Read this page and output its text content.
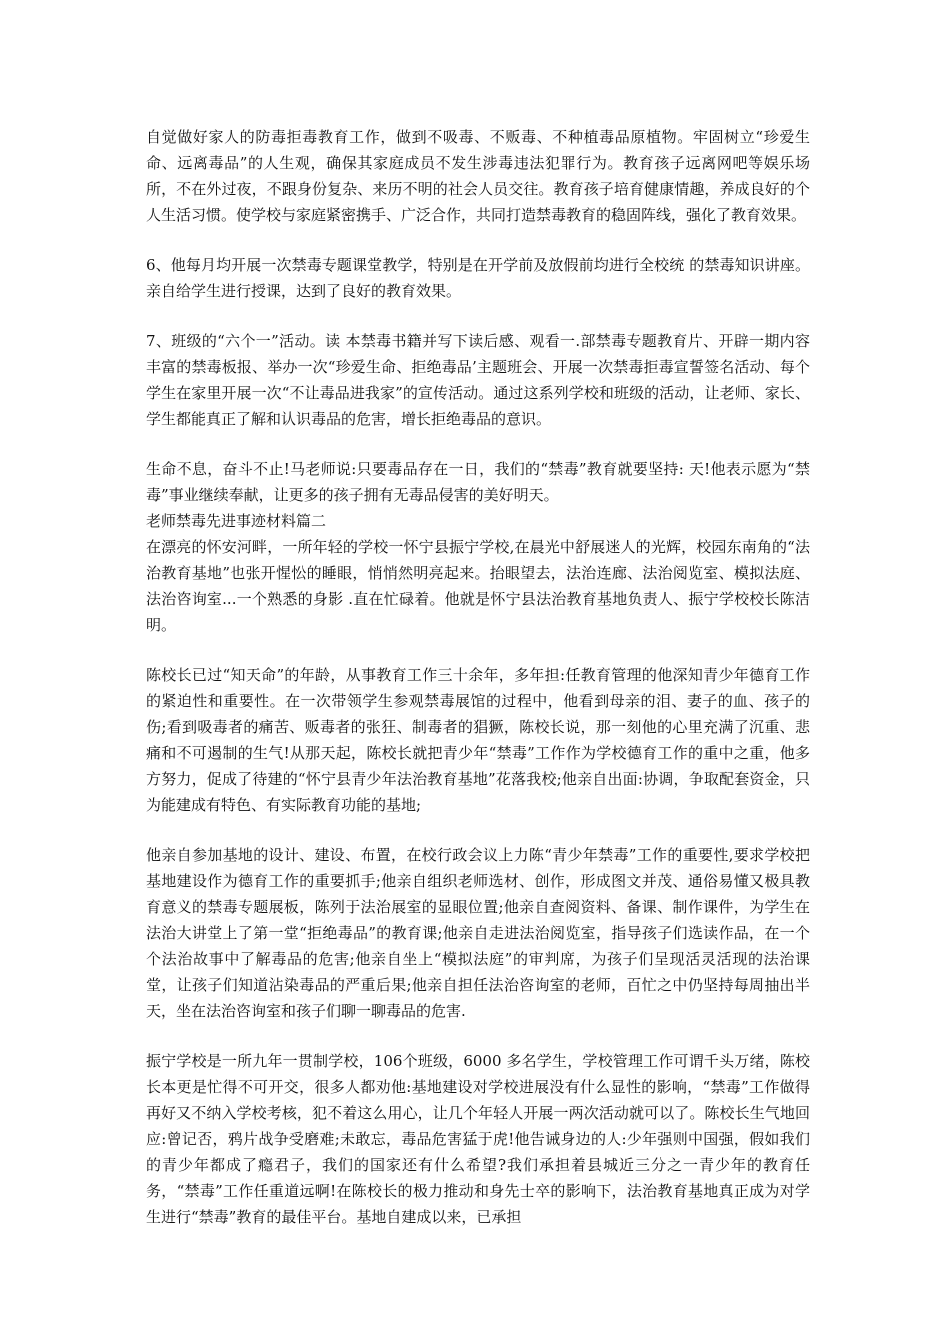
自觉做好家人的防毒拒毒教育工作，做到不吸毒、不贩毒、不种植毒品原植物。牢固树立“珍爱生命、远离毒品”的人生观，确保其家庭成员不发生涉毒违法犯罪行为。教育孩子远离网吧等娱乐场所，不在外过夜，不跟身份复杂、来历不明的社会人员交往。教育孩子培育健康情趣，养成良好的个人生活习惯。使学校与家庭紧密携手、广泛合作，共同打造禁毒教育的稳固阵线，强化了教育效果。

6、他每月均开展一次禁毒专题课堂教学，特别是在开学前及放假前均进行全校统 的禁毒知识讲座。亲自给学生进行授课，达到了良好的教育效果。

7、班级的“六个一”活动。读 本禁毒书籍并写下读后感、观看一.部禁毒专题教育片、开辟一期内容丰富的禁毒板报、举办一次“珍爱生命、拒绝毒品’主题班会、开展一次禁毒拒毒宣誓签名活动、每个学生在家里开展一次“不让毒品进我家”的宣传活动。通过这系列学校和班级的活动，让老师、家长、学生都能真正了解和认识毒品的危害，增长拒绝毒品的意识。

生命不息，奋斗不止!马老师说:只要毒品存在一日，我们的“禁毒”教育就要坚持: 天!他表示愿为“禁毒”事业继续奉献，让更多的孩子拥有无毒品侵害的美好明天。

老师禁毒先进事迹材料篇二

在漂亮的怀安河畔，一所年轻的学校一怀宁县振宁学校,在晨光中舒展迷人的光辉，校园东南角的“法治教育基地”也张开惺忪的睡眼，悄悄然明亮起来。抬眼望去，法治连廊、法治阅览室、模拟法庭、法治咨询室...一个熟悉的身影 .直在忙碌着。他就是怀宁县法治教育基地负责人、振宁学校校长陈洁明。

陈校长已过“知天命”的年龄，从事教育工作三十余年，多年担:任教育管理的他深知青少年德育工作的紧迫性和重要性。在一次带领学生参观禁毒展馆的过程中，他看到母亲的泪、妻子的血、孩子的伤;看到吸毒者的痛苦、贩毒者的张狂、制毒者的猖獗，陈校长说，那一刻他的心里充满了沉重、悲痛和不可遏制的生气!从那天起，陈校长就把青少年“禁毒”工作作为学校德育工作的重中之重，他多方努力，促成了待建的“怀宁县青少年法治教育基地”花落我校;他亲自出面:协调，争取配套资金，只为能建成有特色、有实际教育功能的基地;

他亲自参加基地的设计、建设、布置，在校行政会议上力陈“青少年禁毒”工作的重要性,要求学校把基地建设作为德育工作的重要抓手;他亲自组织老师选材、创作，形成图文并茂、通俗易懂又极具教育意义的禁毒专题展板，陈列于法治展室的显眼位置;他亲自查阅资料、备课、制作课件，为学生在法治大讲堂上了第一堂“拒绝毒品”的教育课;他亲自走进法治阅览室，指导孩子们选读作品，在一个个法治故事中了解毒品的危害;他亲自坐上“模拟法庭”的审判席，为孩子们呈现活灵活现的法治课堂，让孩子们知道沾染毒品的严重后果;他亲自担任法治咨询室的老师，百忙之中仍坚持每周抽出半天，坐在法治咨询室和孩子们聊一聊毒品的危害.

振宁学校是一所九年一贯制学校，106个班级，6000 多名学生，学校管理工作可谓千头万绪，陈校长本更是忙得不可开交，很多人都劝他:基地建设对学校进展没有什么显性的影响，“禁毒”工作做得再好又不纳入学校考核，犯不着这么用心，让几个年轻人开展一两次活动就可以了。陈校长生气地回应:曾记否，鸦片战争受磨难;未敢忘，毒品危害猛于虎!他告诫身边的人:少年强则中国强，假如我们的青少年都成了瘾君子，我们的国家还有什么希望?我们承担着县城近三分之一青少年的教育任务，“禁毒”工作任重道远啊!在陈校长的极力推动和身先士卒的影响下，法治教育基地真正成为对学生进行“禁毒”教育的最佳平台。基地自建成以来，已承担
